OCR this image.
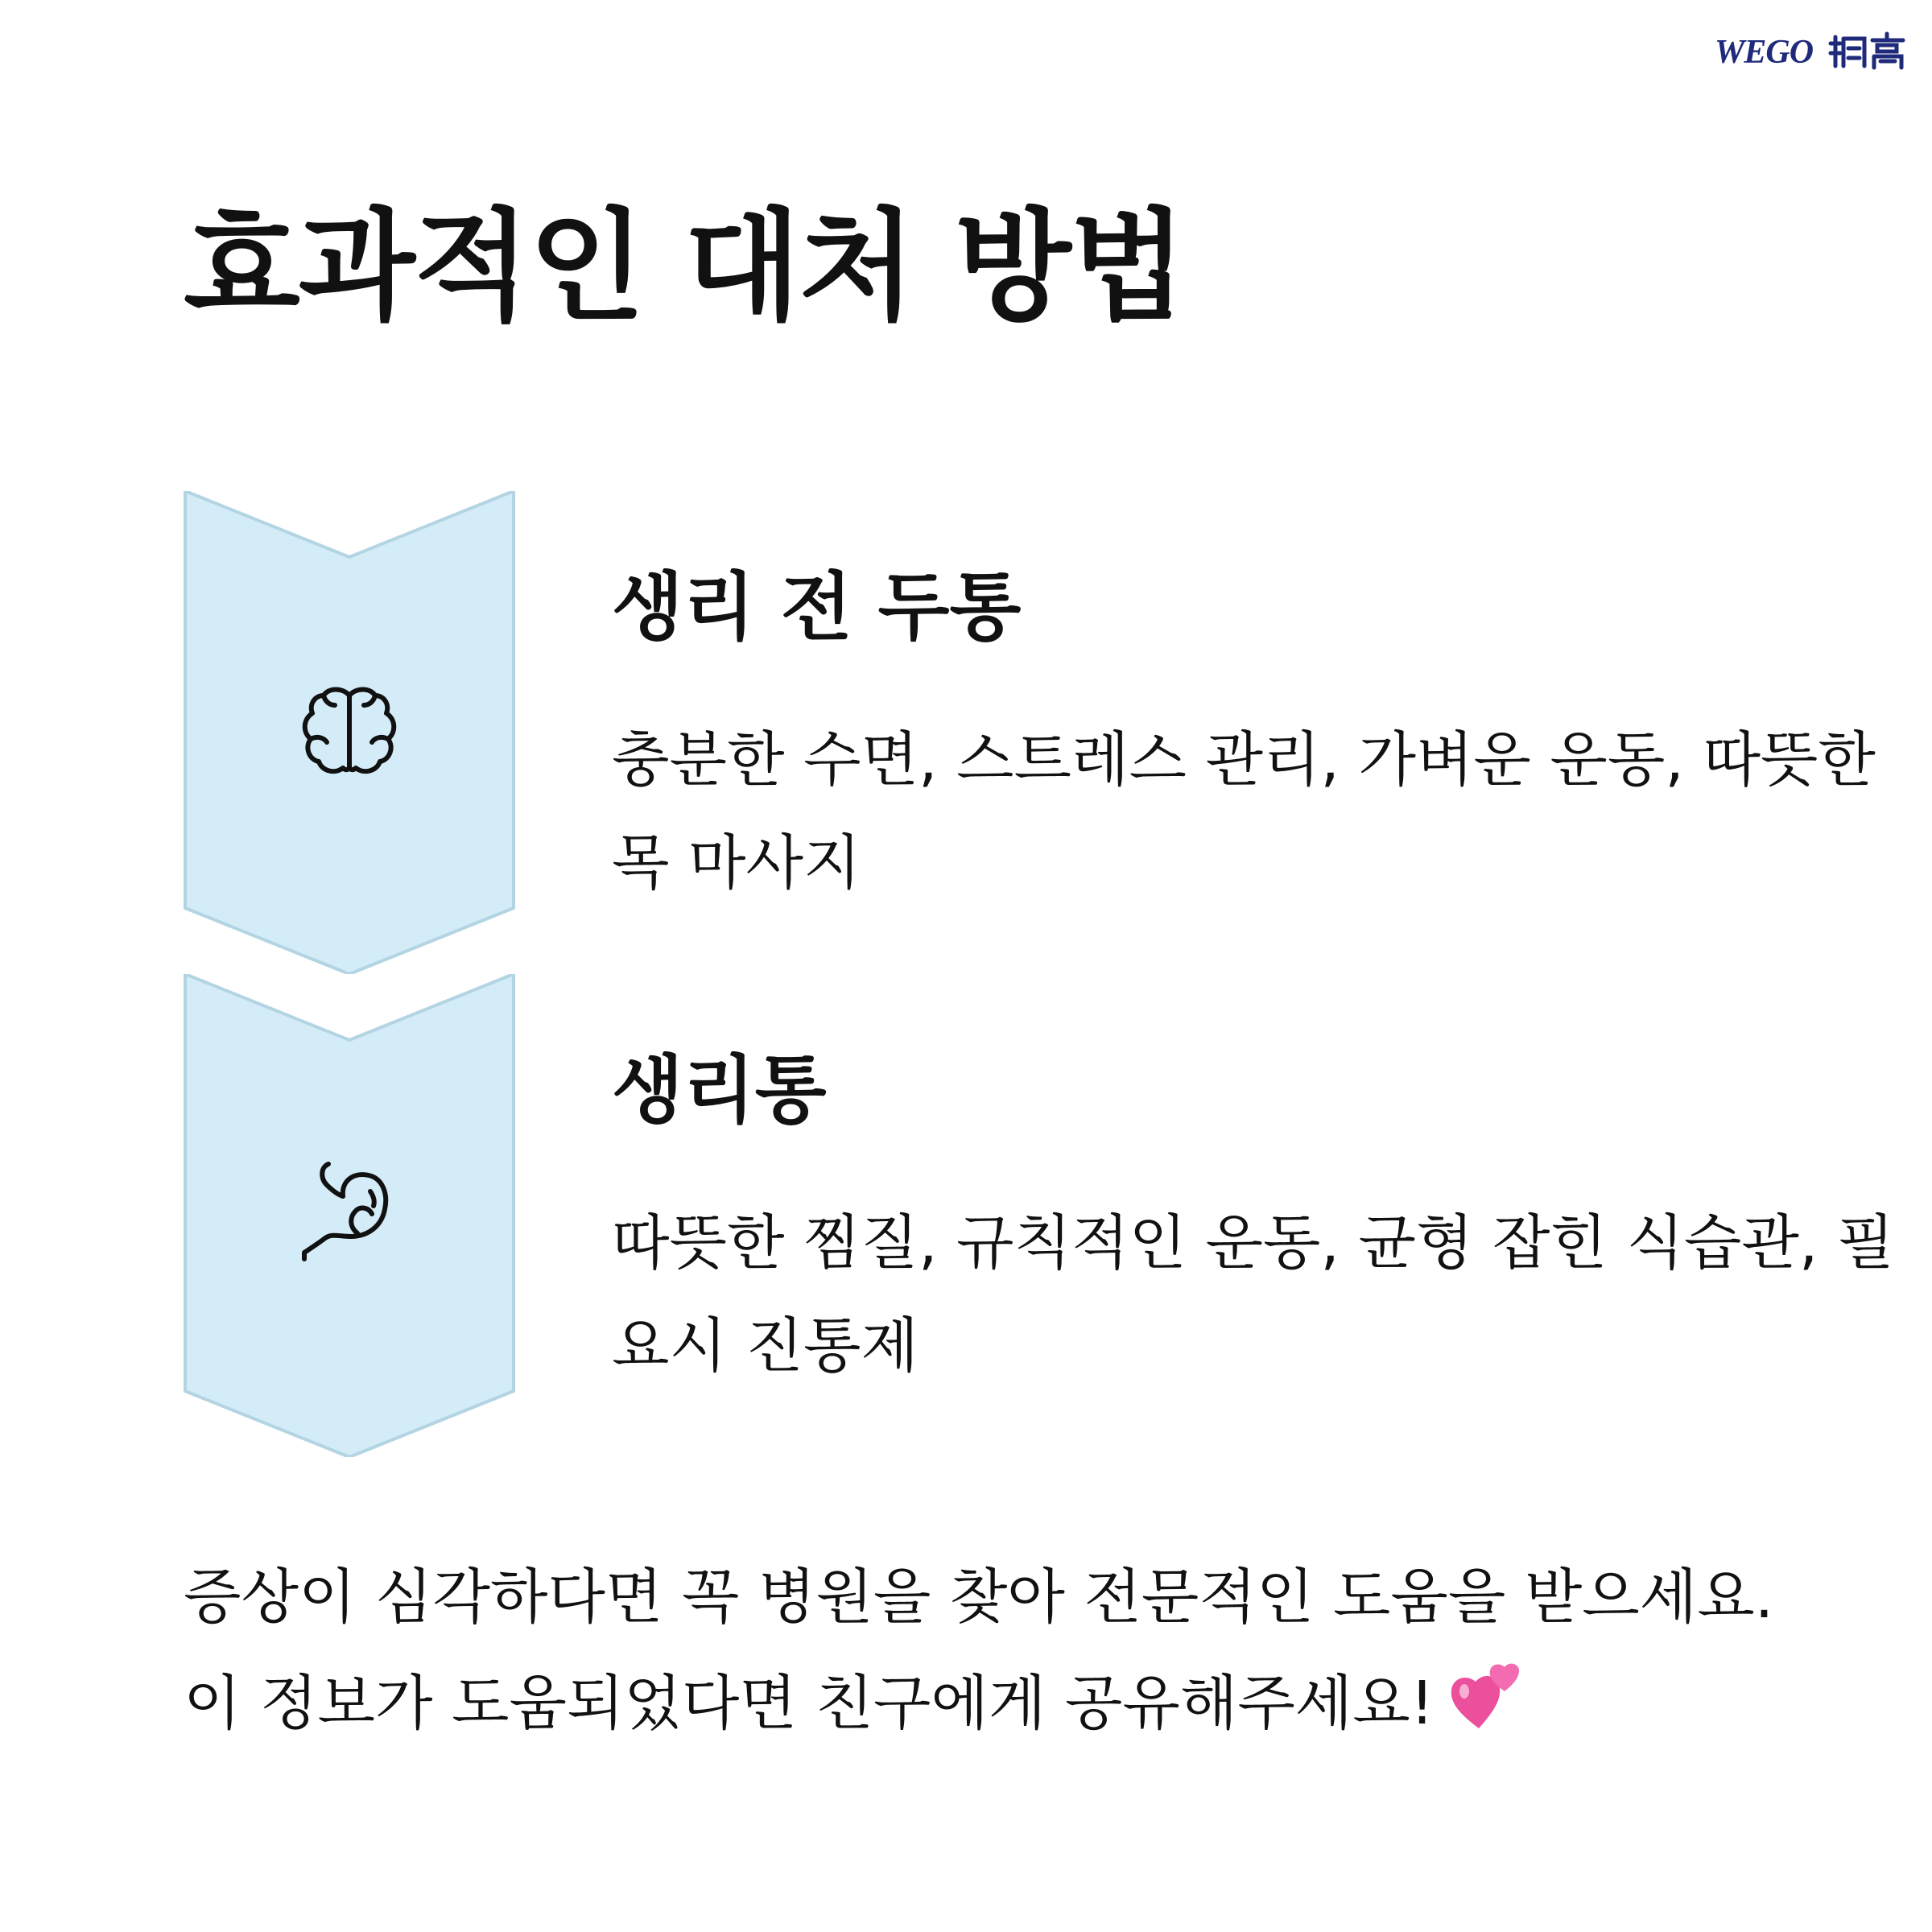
WEGO
효과적인 대처 방법
생리 전 두통

충분한 수면, 스트레스 관리, 가벼운 운동, 따뜻한 목 마사지

생리통

따뜻한 찜질, 규칙적인 운동, 균형 잡힌 식습관, 필요시 진통제

증상이 심각하다면 꼭 병원을 찾아 전문적인 도움을 받으세요. 이 정보가 도움되었다면 친구에게 공유해주세요!
